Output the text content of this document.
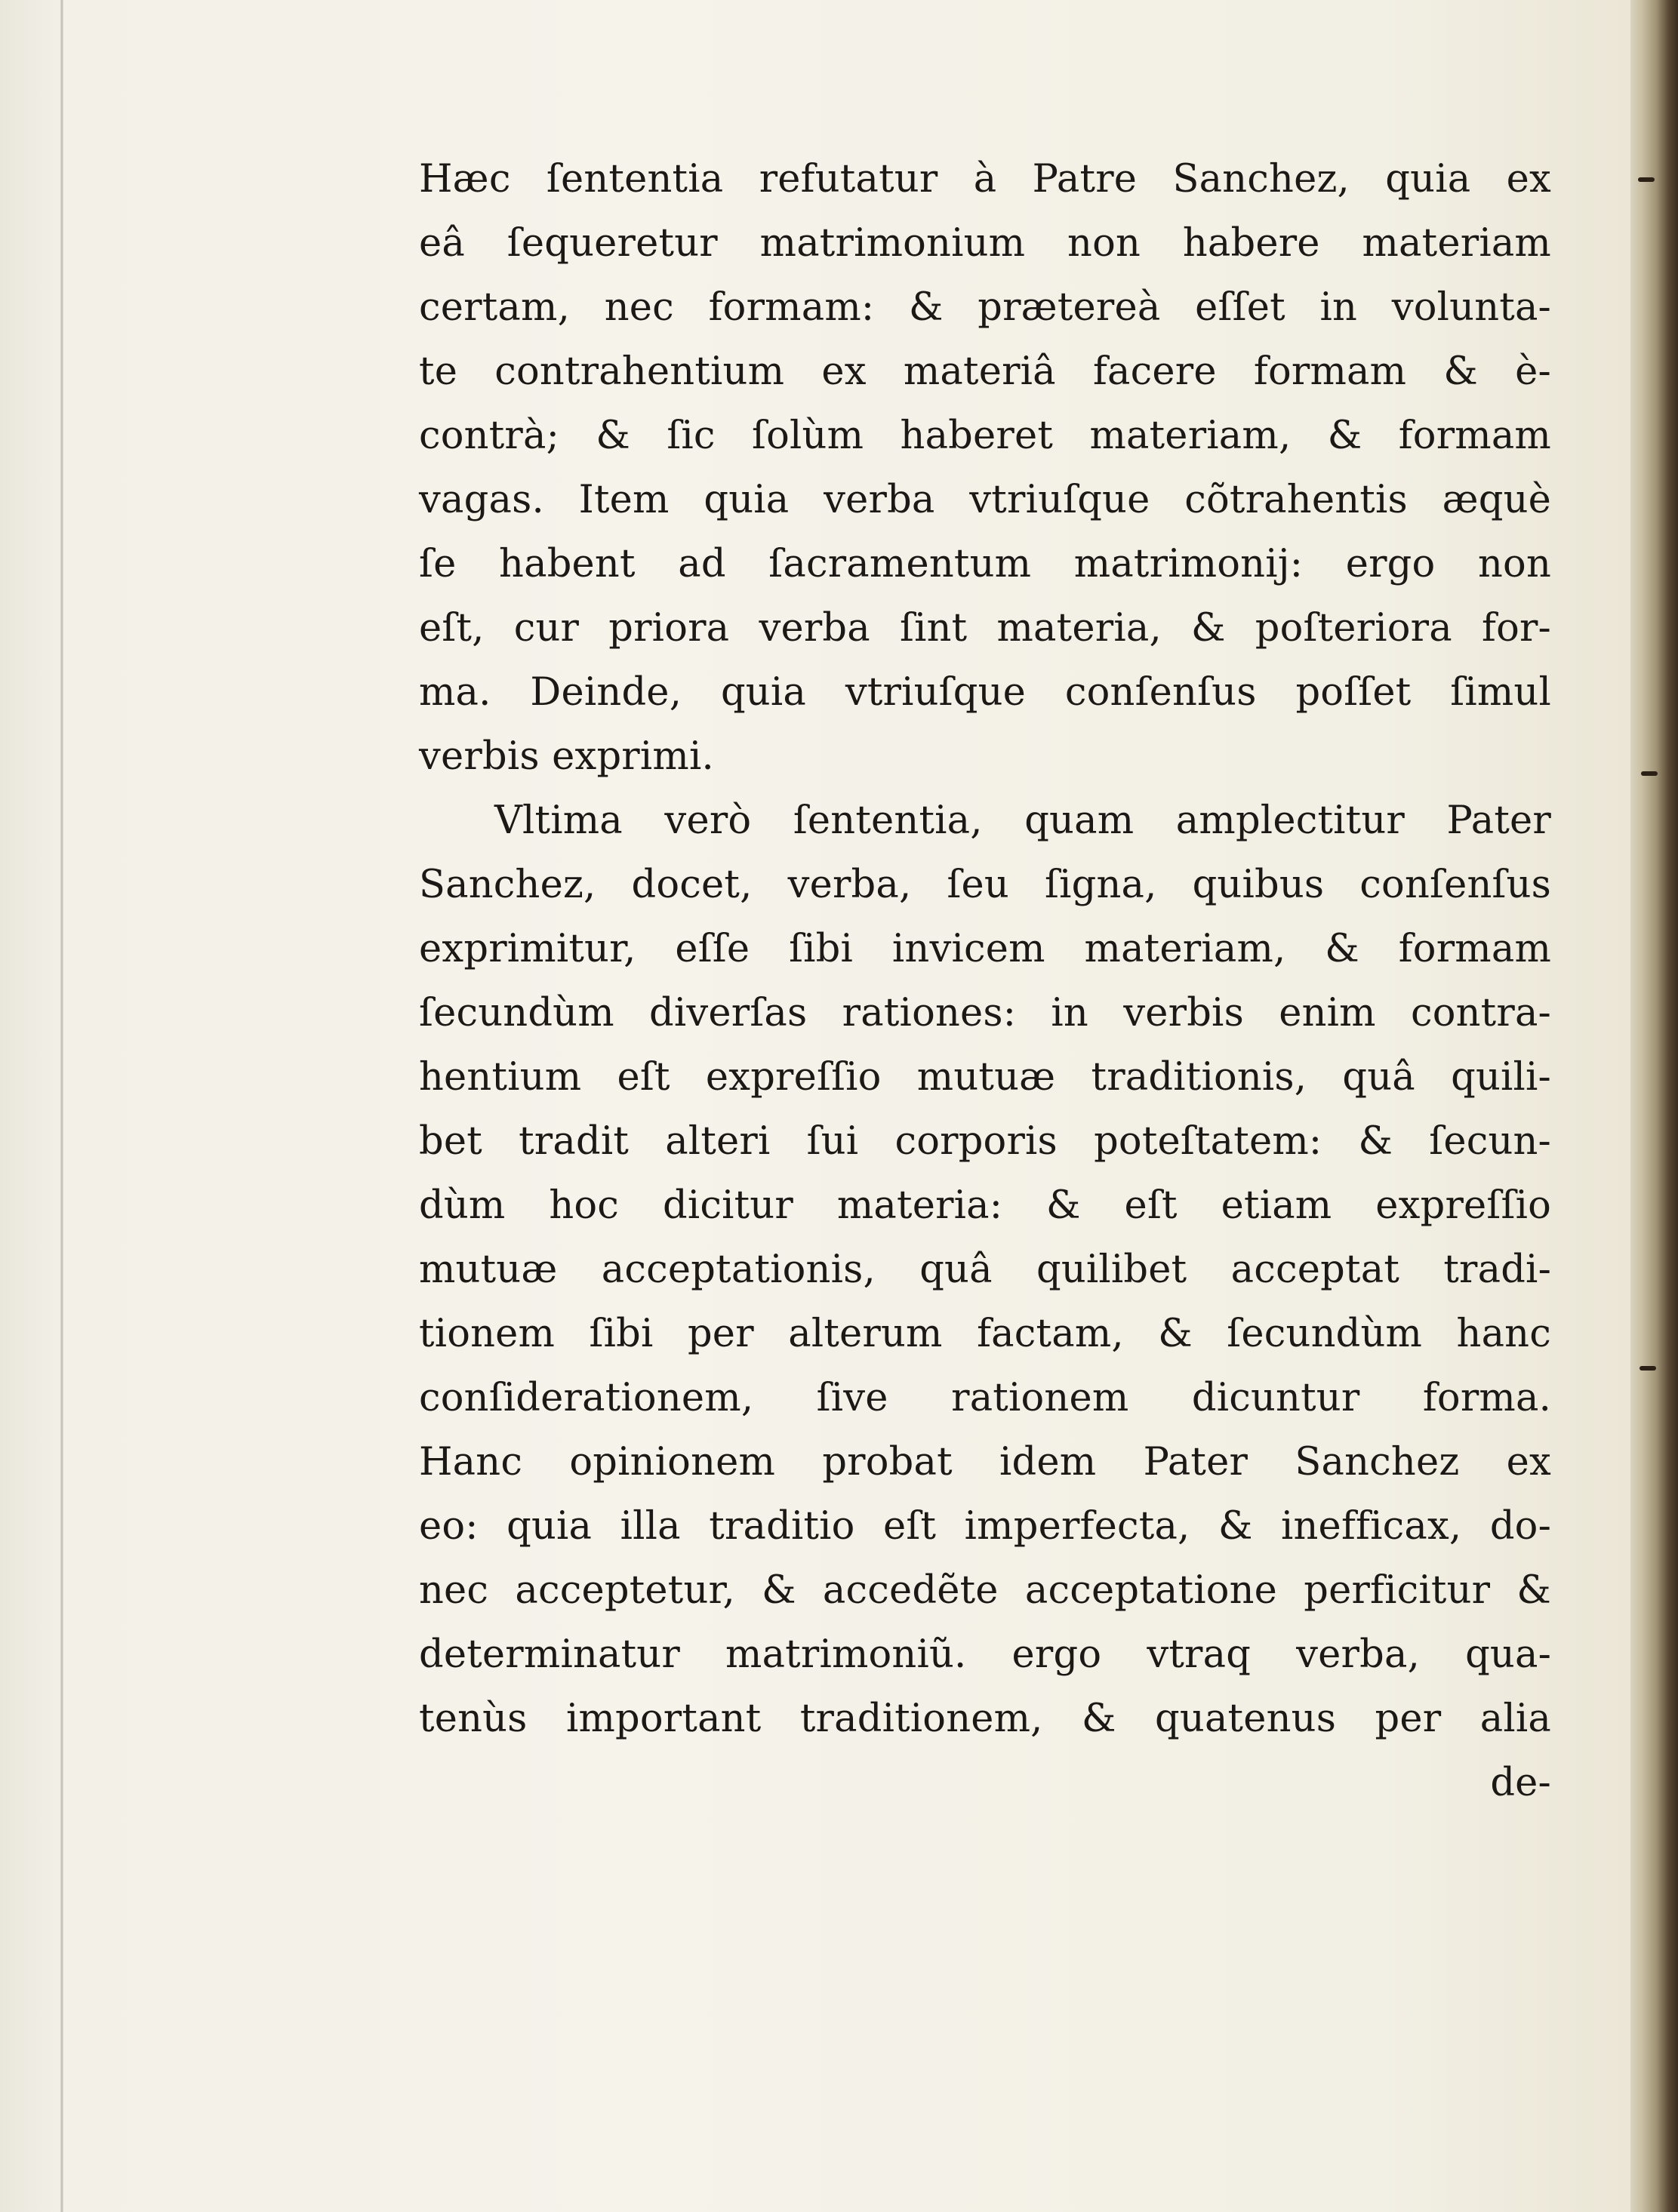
Hæc ſententia refutatur à Patre Sanchez, quia ex
eâ ſequeretur matrimonium non habere materiam
certam, nec formam: & prætereà eſſet in volunta-
te contrahentium ex materiâ facere formam & è-
contrà; & ſic ſolùm haberet materiam, & formam
vagas. Item quia verba vtriuſque cõtrahentis æquè
ſe habent ad ſacramentum matrimonij: ergo non
eſt, cur priora verba ſint materia, & poſteriora for-
ma. Deinde, quia vtriuſque conſenſus poſſet ſimul
verbis exprimi.
Vltima verò ſententia, quam amplectitur Pater
Sanchez, docet, verba, ſeu ſigna, quibus conſenſus
exprimitur, eſſe ſibi invicem materiam, & formam
ſecundùm diverſas rationes: in verbis enim contra-
hentium eſt expreſſio mutuæ traditionis, quâ quili-
bet tradit alteri ſui corporis poteſtatem: & ſecun-
dùm hoc dicitur materia: & eſt etiam expreſſio
mutuæ acceptationis, quâ quilibet acceptat tradi-
tionem ſibi per alterum factam, & ſecundùm hanc
conſiderationem, ſive rationem dicuntur forma.
Hanc opinionem probat idem Pater Sanchez ex
eo: quia illa traditio eſt imperfecta, & inefficax, do-
nec acceptetur, & accedẽte acceptatione perficitur &
determinatur matrimoniũ. ergo vtraq verba, qua-
tenùs important traditionem, & quatenus per alia
de-
